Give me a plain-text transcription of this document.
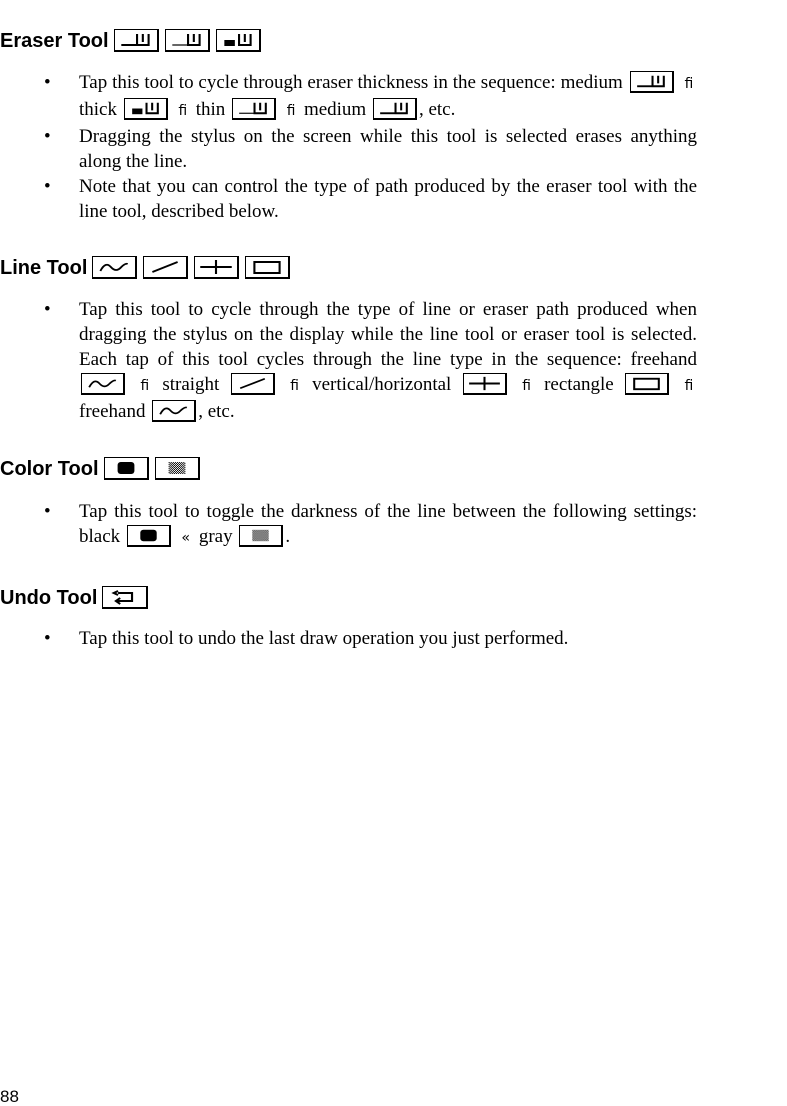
Eraser Tool
• Tap this tool to cycle through eraser thickness in the sequence: medium	ﬁ thick	ﬁ thin	ﬁ medium	, etc.
• Dragging the stylus on the screen while this tool is selected erases anything along the line.
• Note that you can control the type of path produced by the eraser tool with the line tool, described below.
Line Tool
• Tap this tool to cycle through the type of line or eraser path produced when dragging the stylus on the display while the line tool or eraser tool is selected. Each tap of this tool cycles through the line type in the sequence: freehand
ﬁ straight	ﬁ vertical/horizontal	ﬁ rectangle	ﬁ freehand	, etc.
Color Tool
• Tap this tool to toggle the darkness of the line between the following settings: black	« gray	.
Undo Tool
• Tap this tool to undo the last draw operation you just performed.
88
